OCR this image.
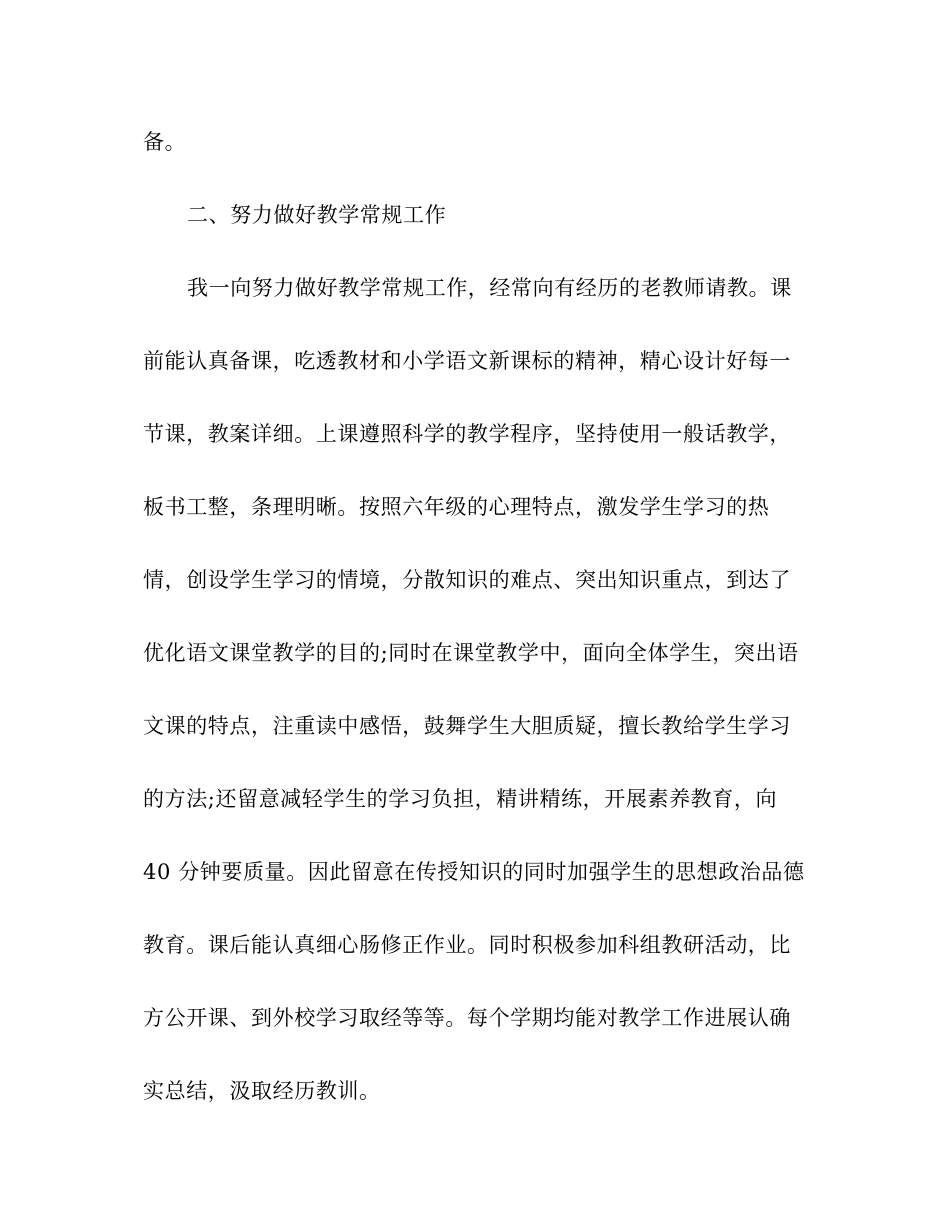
备。
二、努力做好教学常规工作
我一向努力做好教学常规工作，经常向有经历的老教师请教。课
前能认真备课，吃透教材和小学语文新课标的精神，精心设计好每一
节课，教案详细。上课遵照科学的教学程序，坚持使用一般话教学，
板书工整，条理明晰。按照六年级的心理特点，激发学生学习的热
情，创设学生学习的情境，分散知识的难点、突出知识重点，到达了
优化语文课堂教学的目的;同时在课堂教学中，面向全体学生，突出语
文课的特点，注重读中感悟，鼓舞学生大胆质疑，擅长教给学生学习
的方法;还留意减轻学生的学习负担，精讲精练，开展素养教育，向
40 分钟要质量。因此留意在传授知识的同时加强学生的思想政治品德
教育。课后能认真细心肠修正作业。同时积极参加科组教研活动，比
方公开课、到外校学习取经等等。每个学期均能对教学工作进展认确
实总结，汲取经历教训。
